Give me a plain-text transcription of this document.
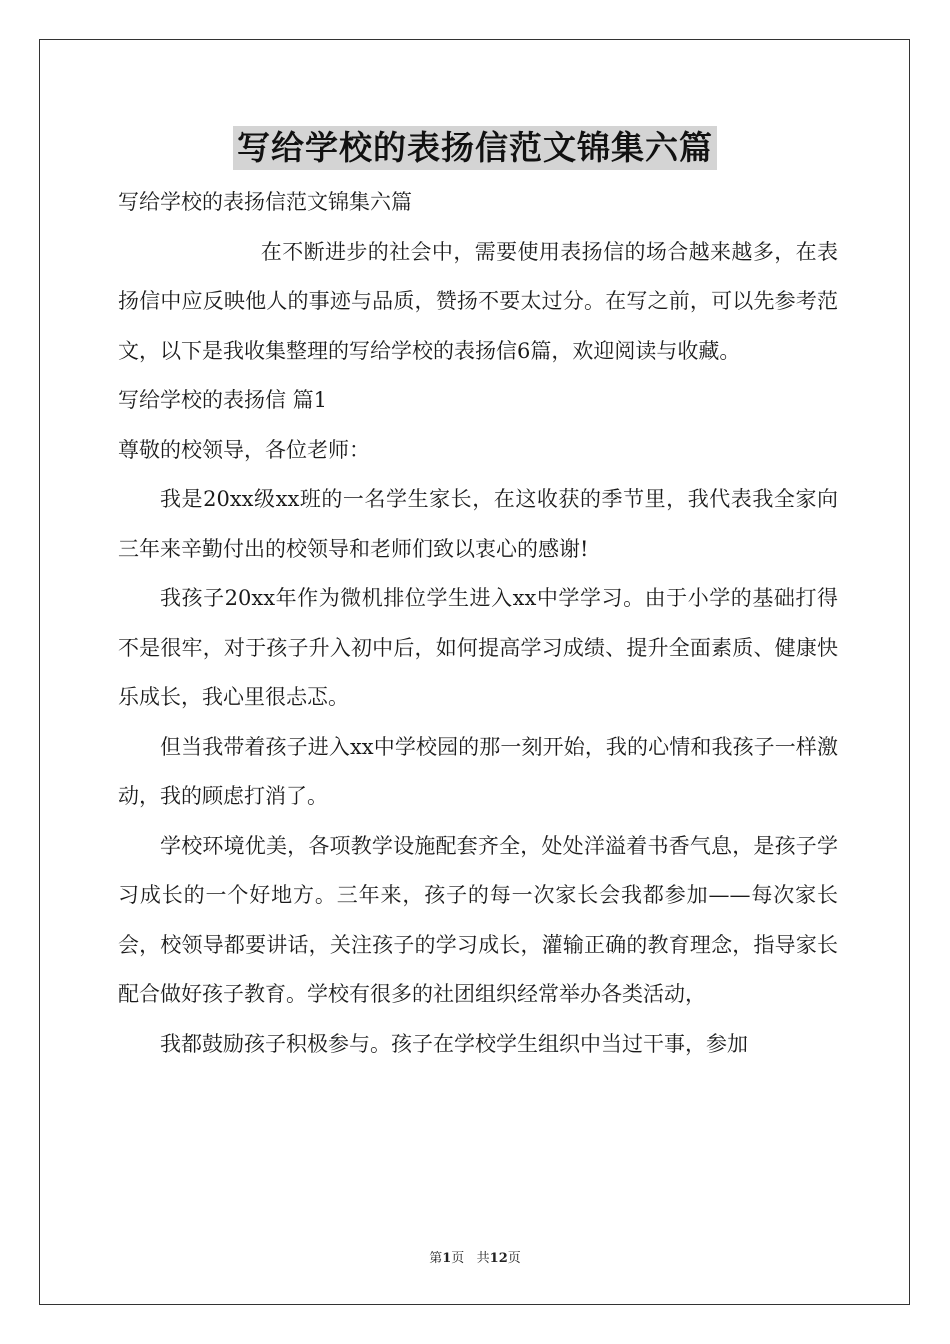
写给学校的表扬信范文锦集六篇

写给学校的表扬信范文锦集六篇

在不断进步的社会中，需要使用表扬信的场合越来越多，在表扬信中应反映他人的事迹与品质，赞扬不要太过分。在写之前，可以先参考范文，以下是我收集整理的写给学校的表扬信6篇，欢迎阅读与收藏。

写给学校的表扬信 篇1

尊敬的校领导，各位老师：

我是20xx级xx班的一名学生家长，在这收获的季节里，我代表我全家向三年来辛勤付出的校领导和老师们致以衷心的感谢!

我孩子20xx年作为微机排位学生进入xx中学学习。由于小学的基础打得不是很牢，对于孩子升入初中后，如何提高学习成绩、提升全面素质、健康快乐成长，我心里很忐忑。

但当我带着孩子进入xx中学校园的那一刻开始，我的心情和我孩子一样激动，我的顾虑打消了。

学校环境优美，各项教学设施配套齐全，处处洋溢着书香气息，是孩子学习成长的一个好地方。三年来，孩子的每一次家长会我都参加——每次家长会，校领导都要讲话，关注孩子的学习成长，灌输正确的教育理念，指导家长配合做好孩子教育。学校有很多的社团组织经常举办各类活动，

我都鼓励孩子积极参与。孩子在学校学生组织中当过干事，参加

第1页   共12页
